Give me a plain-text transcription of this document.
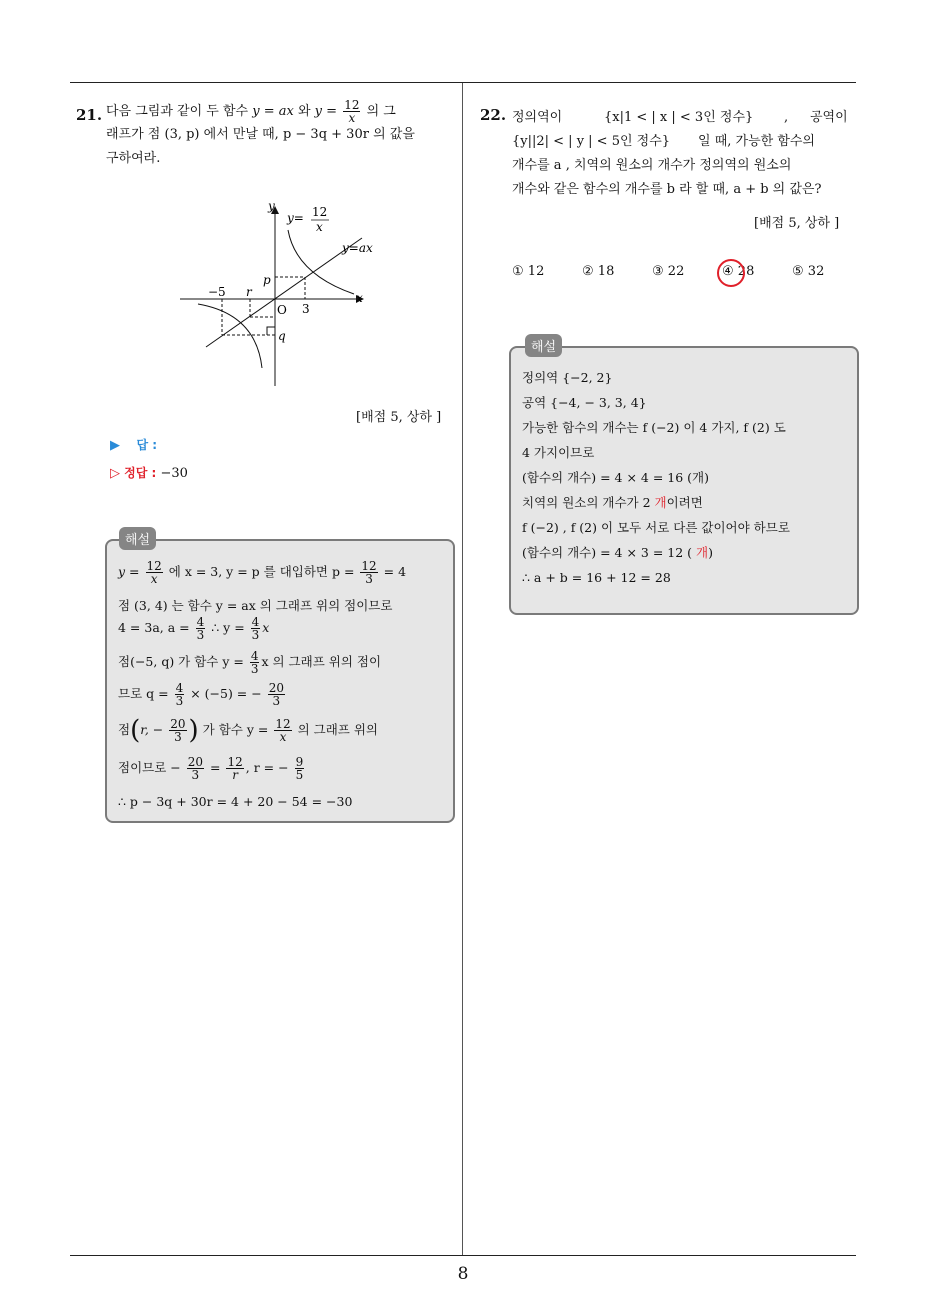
21. 다음 그림과 같이 두 함수 y = ax 와 $y = \frac{12}{x}$ 의 그
래프가 점 (3, p) 에서 만날 때, p − 3q + 30r 의 값을
구하여라.
y
x
O
y= 12
x
y=ax
−5 r
p
3
q
[배점 5, 상하 ]
▶ 답 :
▷ 정답 : −30
해설
$y = \frac{12}{x}$ 에 x = 3, y = p 를 대입하면 $p = \frac{12}{3} = 4$
점 (3, 4) 는 함수 y = ax 의 그래프 위의 점이므로
4 = 3a, $a = \frac{4}{3}$ ∴ $y = \frac{4}{3}$ x
점(−5, q) 가 함수 $y = \frac{4}{3}$ x 의 그래프 위의 점이
므로 $q = \frac{4}{3} \times (-5)$ = − $\frac{20}{3}$
점(r, − $\frac{20}{3}$ ) 가 함수 $y = \frac{12}{x}$ 의 그래프 위의
점이므로 − $\frac{20}{3} = \frac{12}{r}$ , r = − $\frac{9}{5}$
∴ p − 3q + 30r = 4 + 20 − 54 = −30
22. 정의역이	{x|1 < | x | < 3인 정수} , 공역이
{y||2| < | y | < 5인 정수} 일 때, 가능한 함수의
개수를 a , 치역의 원소의 개수가 정의역의 원소의
개수와 같은 함수의 개수를 b 라 할 때, a + b 의 값은?
[배점 5, 상하 ]
① 12	② 18	③ 22	④ 28	⑤ 32
해설
정의역 {−2, 2}
공역 {−4, − 3, 3, 4}
가능한 함수의 개수는 f (−2) 이 4 가지, f (2) 도
4 가지이므로
(함수의 개수) = 4 × 4 = 16 (개)
치역의 원소의 개수가 2 개이려면
f (−2) , f (2) 이 모두 서로 다른 값이어야 하므로
(함수의 개수) = 4 × 3 = 12 ( 개)
∴ a + b = 16 + 12 = 28
8
